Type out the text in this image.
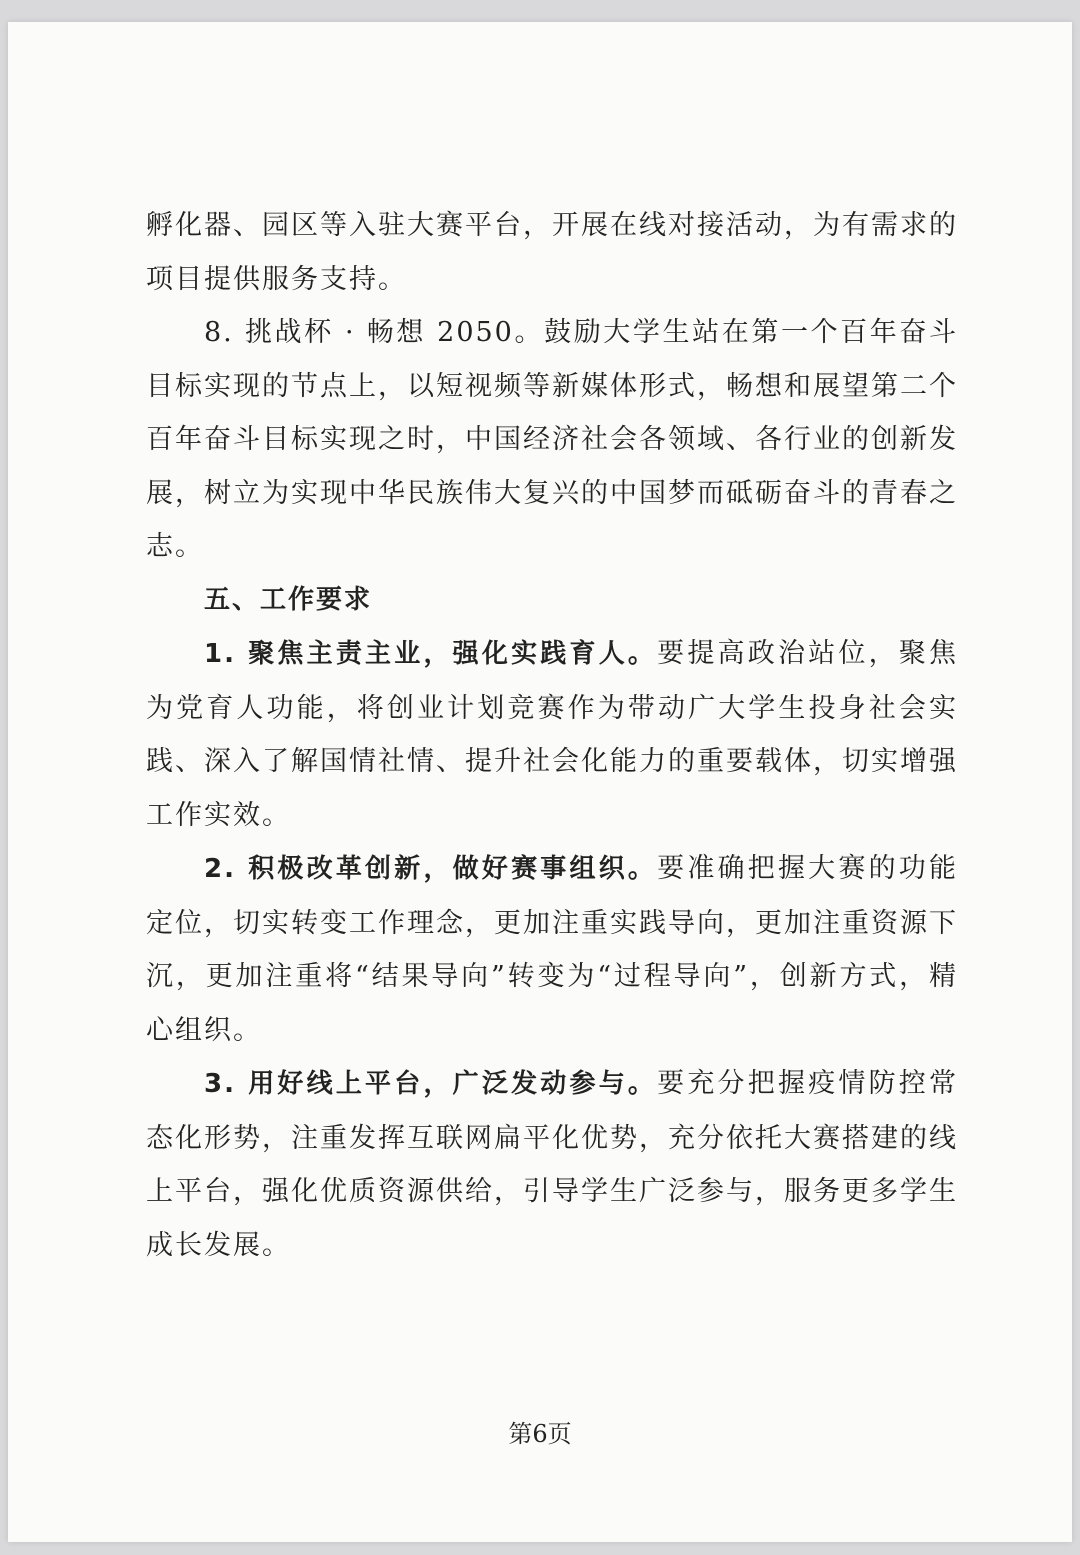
孵化器、园区等入驻大赛平台，开展在线对接活动，为有需求的项目提供服务支持。

8. 挑战杯 · 畅想 2050。鼓励大学生站在第一个百年奋斗目标实现的节点上，以短视频等新媒体形式，畅想和展望第二个百年奋斗目标实现之时，中国经济社会各领域、各行业的创新发展，树立为实现中华民族伟大复兴的中国梦而砥砺奋斗的青春之志。

五、工作要求

1. 聚焦主责主业，强化实践育人。要提高政治站位，聚焦为党育人功能，将创业计划竞赛作为带动广大学生投身社会实践、深入了解国情社情、提升社会化能力的重要载体，切实增强工作实效。

2. 积极改革创新，做好赛事组织。要准确把握大赛的功能定位，切实转变工作理念，更加注重实践导向，更加注重资源下沉，更加注重将“结果导向”转变为“过程导向”，创新方式，精心组织。

3. 用好线上平台，广泛发动参与。要充分把握疫情防控常态化形势，注重发挥互联网扁平化优势，充分依托大赛搭建的线上平台，强化优质资源供给，引导学生广泛参与，服务更多学生成长发展。

第6页
